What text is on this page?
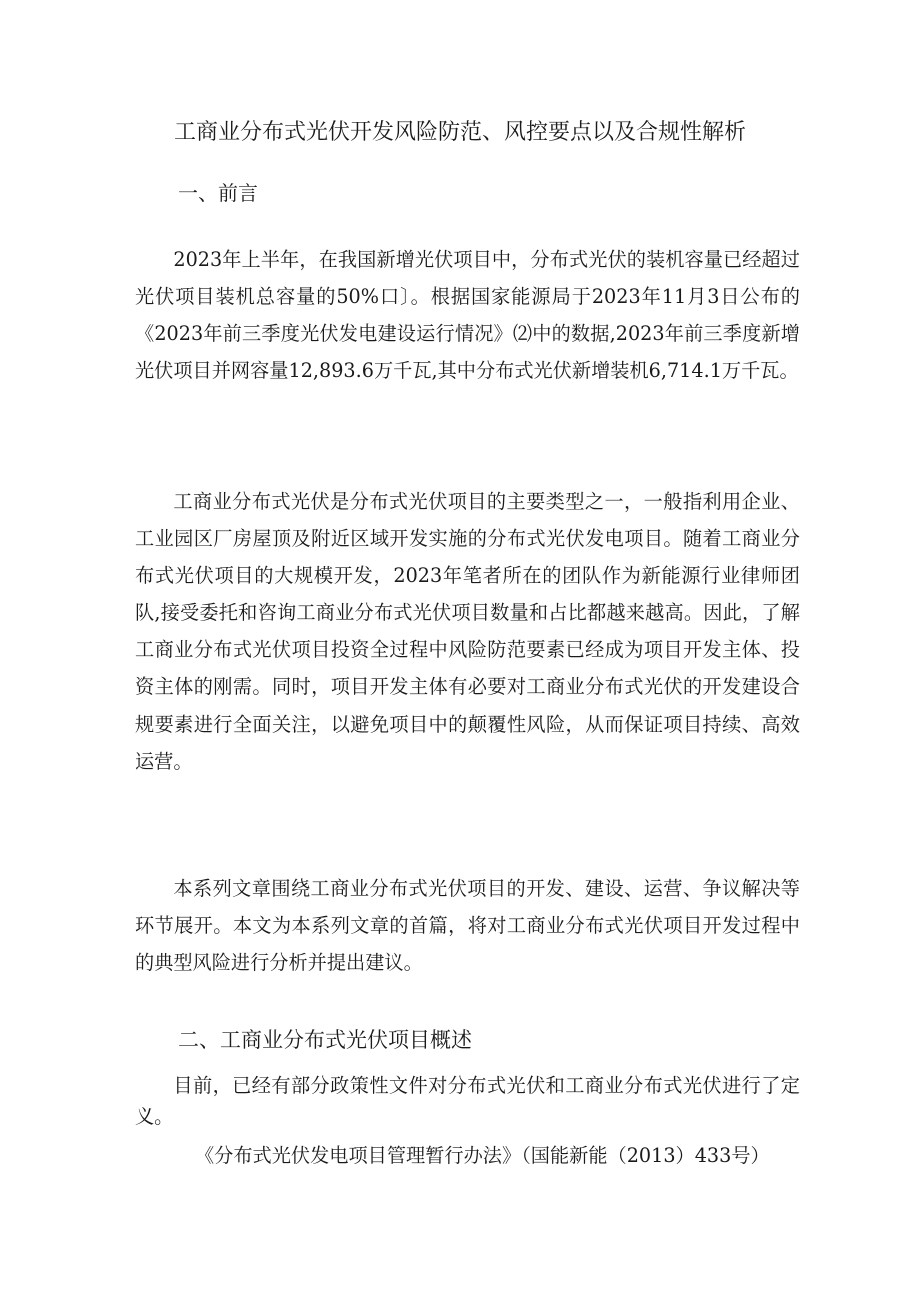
工商业分布式光伏开发风险防范、风控要点以及合规性解析
一、前言

2023年上半年，在我国新增光伏项目中，分布式光伏的装机容量已经超过光伏项目装机总容量的50%口〕。根据国家能源局于2023年11月3日公布的《2023年前三季度光伏发电建设运行情况》⑵中的数据,2023年前三季度新增光伏项目并网容量12,893.6万千瓦,其中分布式光伏新增装机6,714.1万千瓦。

工商业分布式光伏是分布式光伏项目的主要类型之一，一般指利用企业、工业园区厂房屋顶及附近区域开发实施的分布式光伏发电项目。随着工商业分布式光伏项目的大规模开发，2023年笔者所在的团队作为新能源行业律师团队,接受委托和咨询工商业分布式光伏项目数量和占比都越来越高。因此，了解工商业分布式光伏项目投资全过程中风险防范要素已经成为项目开发主体、投资主体的刚需。同时，项目开发主体有必要对工商业分布式光伏的开发建设合规要素进行全面关注，以避免项目中的颠覆性风险，从而保证项目持续、高效运营。

本系列文章围绕工商业分布式光伏项目的开发、建设、运营、争议解决等环节展开。本文为本系列文章的首篇，将对工商业分布式光伏项目开发过程中的典型风险进行分析并提出建议。

二、工商业分布式光伏项目概述

目前，已经有部分政策性文件对分布式光伏和工商业分布式光伏进行了定义。

《分布式光伏发电项目管理暂行办法》（国能新能（2013）433号）
